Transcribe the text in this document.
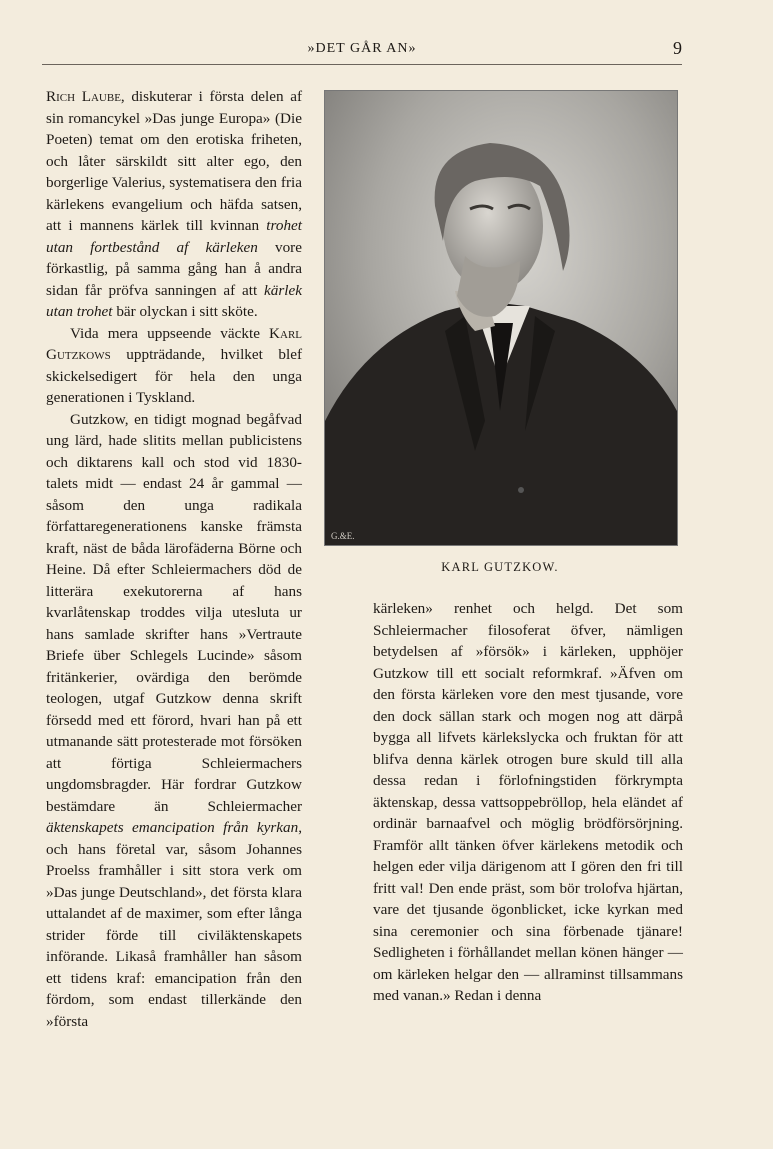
»DET GÅR AN»	9

Rich Laube, diskuterar i första delen af sin romancykel »Das junge Europa» (Die Poeten) temat om den erotiska friheten, och låter särskildt sitt alter ego, den borgerlige Valerius, systematisera den fria kärlekens evangelium och häfda satsen, att i mannens kärlek till kvinnan trohet utan fortbestånd af kärleken vore förkastlig, på samma gång han å andra sidan får pröfva sanningen af att kärlek utan trohet bär olyckan i sitt sköte.

Vida mera uppseende väckte Karl Gutzkows uppträdande, hvilket blef skickelsedigert för hela den unga generationen i Tyskland.

Gutzkow, en tidigt mognad begåfvad ung lärd, hade slitits mellan publicistens och diktarens kall och stod vid 1830-talets midt — endast 24 år gammal — såsom den unga radikala författaregenerationens kanske främsta kraft, näst de båda lärofäderna Börne och Heine. Då efter Schleiermachers död de litterära exekutorerna af hans kvarlåtenskap troddes vilja utesluta ur hans samlade skrifter hans »Vertraute Briefe über Schlegels Lucinde» såsom fritänkerier, ovärdiga den berömde teologen, utgaf Gutzkow denna skrift försedd med ett förord, hvari han på ett utmanande sätt protesterade mot försöken att förtiga Schleiermachers ungdomsbragder. Här fordrar Gutzkow bestämdare än Schleiermacher äktenskapets emancipation från kyrkan, och hans företal var, såsom Johannes Proelss framhåller i sitt stora verk om »Das junge Deutschland», det första klara uttalandet af de maximer, som efter långa strider förde till civiläktenskapets införande. Likaså framhåller han såsom ett tidens kraf: emancipation från den fördom, som endast tillerkände den »första

G.&E.
KARL GUTZKOW.

kärleken» renhet och helgd. Det som Schleiermacher filosoferat öfver, nämligen betydelsen af »försök» i kärleken, upphöjer Gutzkow till ett socialt reformkraf. »Äfven om den första kärleken vore den mest tjusande, vore den dock sällan stark och mogen nog att därpå bygga all lifvets kärlekslycka och fruktan för att blifva denna kärlek otrogen bure skuld till alla dessa redan i förlofningstiden förkrympta äktenskap, dessa vattsoppebröllop, hela eländet af ordinär barnaafvel och möglig brödförsörjning. Framför allt tänken öfver kärlekens metodik och helgen eder vilja därigenom att I gören den fri till fritt val! Den ende präst, som bör trolofva hjärtan, vare det tjusande ögonblicket, icke kyrkan med sina ceremonier och sina förbenade tjänare! Sedligheten i förhållandet mellan könen hänger — om kärleken helgar den — allraminst tillsammans med vanan.» Redan i denna
